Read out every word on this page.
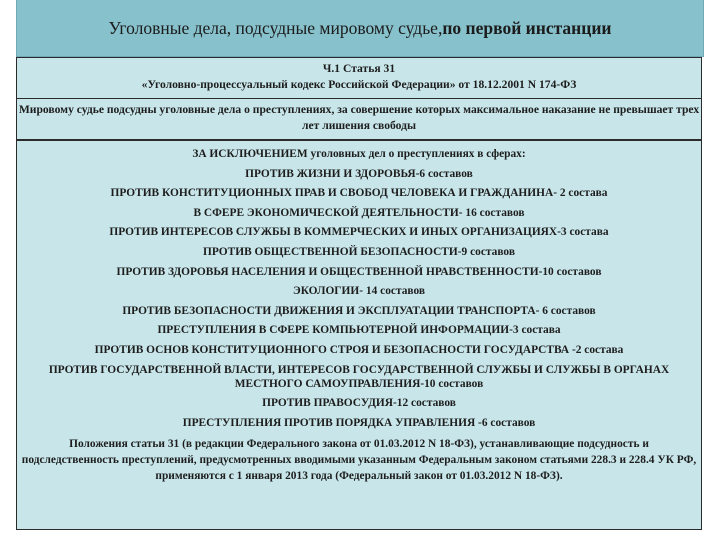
Уголовные дела, подсудные мировому судье, по первой инстанции
Ч.1 Статья 31
«Уголовно-процессуальный кодекс Российской Федерации» от 18.12.2001 N 174-ФЗ
Мировому судье подсудны уголовные дела о преступлениях, за совершение которых максимальное наказание не превышает трех лет лишения свободы
ЗА ИСКЛЮЧЕНИЕМ уголовных дел о преступлениях в сферах:
ПРОТИВ ЖИЗНИ И ЗДОРОВЬЯ-6 составов
ПРОТИВ КОНСТИТУЦИОННЫХ ПРАВ И СВОБОД ЧЕЛОВЕКА И ГРАЖДАНИНА- 2 состава
В СФЕРЕ ЭКОНОМИЧЕСКОЙ ДЕЯТЕЛЬНОСТИ- 16 составов
ПРОТИВ ИНТЕРЕСОВ СЛУЖБЫ В КОММЕРЧЕСКИХ И ИНЫХ ОРГАНИЗАЦИЯХ-3 состава
ПРОТИВ ОБЩЕСТВЕННОЙ БЕЗОПАСНОСТИ-9 составов
ПРОТИВ ЗДОРОВЬЯ НАСЕЛЕНИЯ И ОБЩЕСТВЕННОЙ НРАВСТВЕННОСТИ-10 составов
ЭКОЛОГИИ- 14 составов
ПРОТИВ БЕЗОПАСНОСТИ ДВИЖЕНИЯ И ЭКСПЛУАТАЦИИ ТРАНСПОРТА- 6 составов
ПРЕСТУПЛЕНИЯ В СФЕРЕ КОМПЬЮТЕРНОЙ ИНФОРМАЦИИ-3 состава
ПРОТИВ ОСНОВ КОНСТИТУЦИОННОГО СТРОЯ И БЕЗОПАСНОСТИ ГОСУДАРСТВА -2 состава
ПРОТИВ ГОСУДАРСТВЕННОЙ ВЛАСТИ, ИНТЕРЕСОВ ГОСУДАРСТВЕННОЙ СЛУЖБЫ И СЛУЖБЫ В ОРГАНАХ МЕСТНОГО САМОУПРАВЛЕНИЯ-10 составов
ПРОТИВ ПРАВОСУДИЯ-12 составов
ПРЕСТУПЛЕНИЯ ПРОТИВ ПОРЯДКА УПРАВЛЕНИЯ -6 составов
Положения статьи 31 (в редакции Федерального закона от 01.03.2012 N 18-ФЗ), устанавливающие подсудность и подследственность преступлений, предусмотренных вводимыми указанным Федеральным законом статьями 228.3 и 228.4 УК РФ, применяются с 1 января 2013 года (Федеральный закон от 01.03.2012 N 18-ФЗ).
